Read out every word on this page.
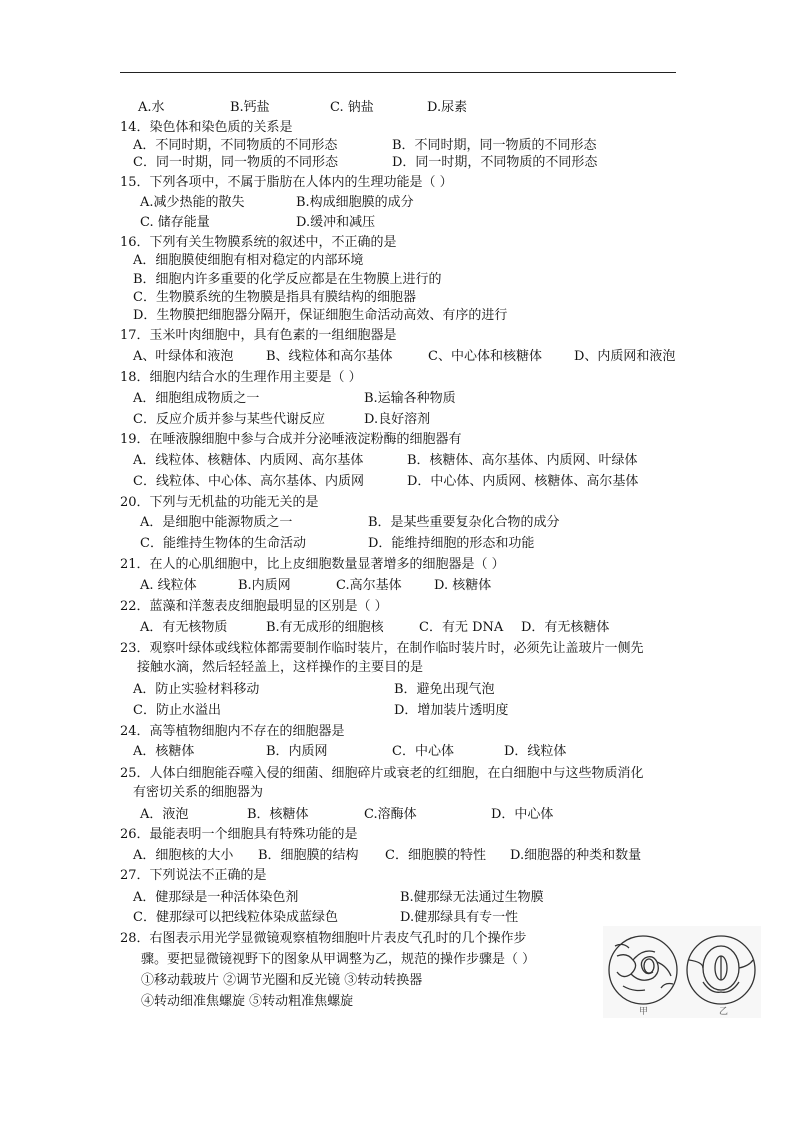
A.水	B.钙盐	C. 钠盐	D.尿素
14．染色体和染色质的关系是
A．不同时期，不同物质的不同形态	B．不同时期，同一物质的不同形态
C．同一时期，同一物质的不同形态	D．同一时期，不同物质的不同形态
15．下列各项中，不属于脂肪在人体内的生理功能是（ ）
A.减少热能的散失	B.构成细胞膜的成分
C. 储存能量	D.缓冲和减压
16．下列有关生物膜系统的叙述中，不正确的是
A．细胞膜使细胞有相对稳定的内部环境
B．细胞内许多重要的化学反应都是在生物膜上进行的
C．生物膜系统的生物膜是指具有膜结构的细胞器
D．生物膜把细胞器分隔开，保证细胞生命活动高效、有序的进行
17．玉米叶肉细胞中，具有色素的一组细胞器是
A、叶绿体和液泡	B、线粒体和高尔基体	C、中心体和核糖体 D、内质网和液泡
18．细胞内结合水的生理作用主要是（ ）
A．细胞组成物质之一	B.运输各种物质
C．反应介质并参与某些代谢反应	D.良好溶剂
19．在唾液腺细胞中参与合成并分泌唾液淀粉酶的细胞器有
A．线粒体、核糖体、内质网、高尔基体	B．核糖体、高尔基体、内质网、叶绿体
C．线粒体、中心体、高尔基体、内质网	D．中心体、内质网、核糖体、高尔基体
20．下列与无机盐的功能无关的是
A．是细胞中能源物质之一	B．是某些重要复杂化合物的成分
C．能维持生物体的生命活动	D．能维持细胞的形态和功能
21．在人的心肌细胞中，比上皮细胞数量显著增多的细胞器是（ ）
A. 线粒体	B.内质网	C.高尔基体 D. 核糖体
22．蓝藻和洋葱表皮细胞最明显的区别是（ ）
A．有无核物质	B.有无成形的细胞核	C．有无 DNA D．有无核糖体
23．观察叶绿体或线粒体都需要制作临时装片，在制作临时装片时，必须先让盖玻片一侧先
接触水滴，然后轻轻盖上，这样操作的主要目的是
A．防止实验材料移动	B．避免出现气泡
C．防止水溢出	D．增加装片透明度
24．高等植物细胞内不存在的细胞器是
A．核糖体	B．内质网	C．中心体	D．线粒体
25．人体白细胞能吞噬入侵的细菌、细胞碎片或衰老的红细胞，在白细胞中与这些物质消化
有密切关系的细胞器为
A．液泡	B．核糖体	C.溶酶体	D．中心体
26．最能表明一个细胞具有特殊功能的是
A．细胞核的大小 B．细胞膜的结构 C．细胞膜的特性 D.细胞器的种类和数量
27．下列说法不正确的是
A．健那绿是一种活体染色剂	B.健那绿无法通过生物膜
C．健那绿可以把线粒体染成蓝绿色	D.健那绿具有专一性
28．右图表示用光学显微镜观察植物细胞叶片表皮气孔时的几个操作步
骤。要把显微镜视野下的图象从甲调整为乙，规范的操作步骤是（ ）
①移动载玻片 ②调节光圈和反光镜 ③转动转换器
④转动细准焦螺旋 ⑤转动粗准焦螺旋
甲	乙
